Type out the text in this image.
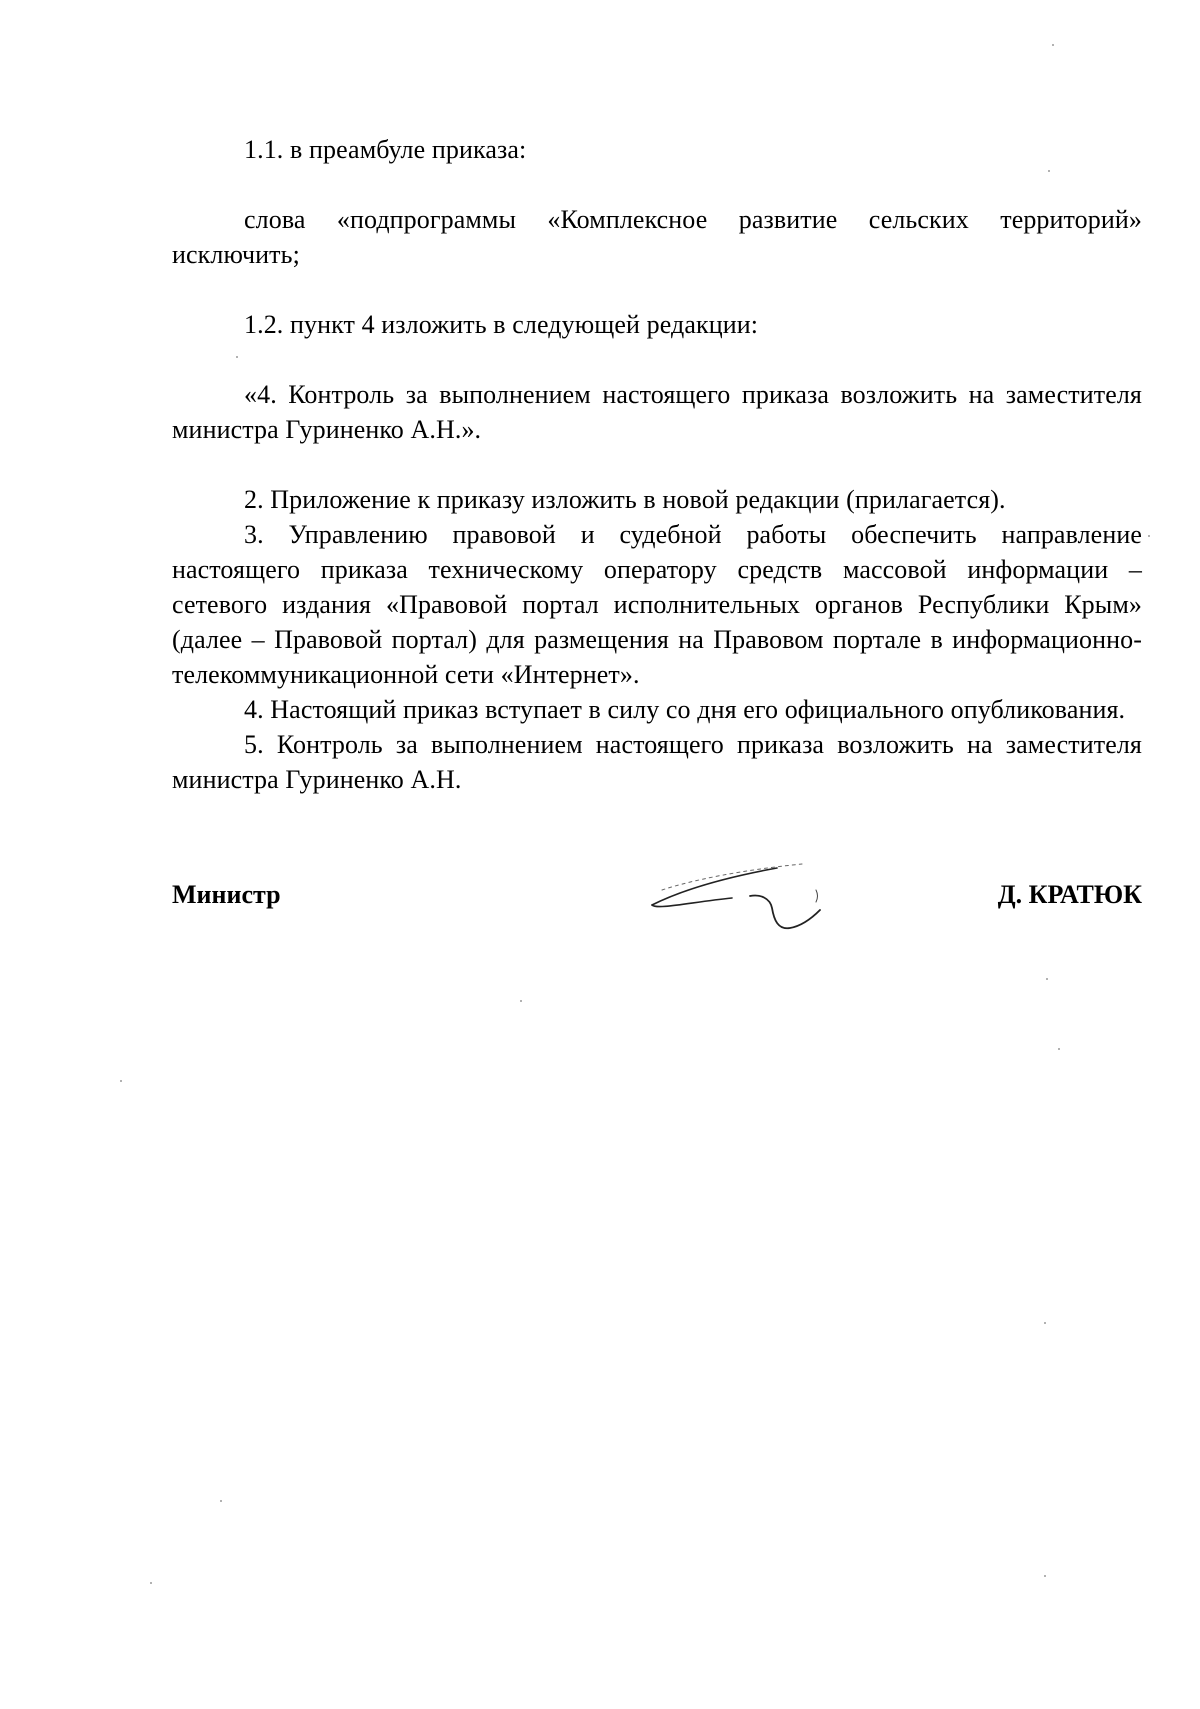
1.1. в преамбуле приказа:

слова «подпрограммы «Комплексное развитие сельских территорий» исключить;

1.2. пункт 4 изложить в следующей редакции:

«4. Контроль за выполнением настоящего приказа возложить на заместителя министра Гуриненко А.Н.».

2. Приложение к приказу изложить в новой редакции (прилагается).

3. Управлению правовой и судебной работы обеспечить направление настоящего приказа техническому оператору средств массовой информации – сетевого издания «Правовой портал исполнительных органов Республики Крым» (далее – Правовой портал) для размещения на Правовом портале в информационно-телекоммуникационной сети «Интернет».

4. Настоящий приказ вступает в силу со дня его официального опубликования.

5. Контроль за выполнением настоящего приказа возложить на заместителя министра Гуриненко А.Н.

Министр	Д. КРАТЮК
